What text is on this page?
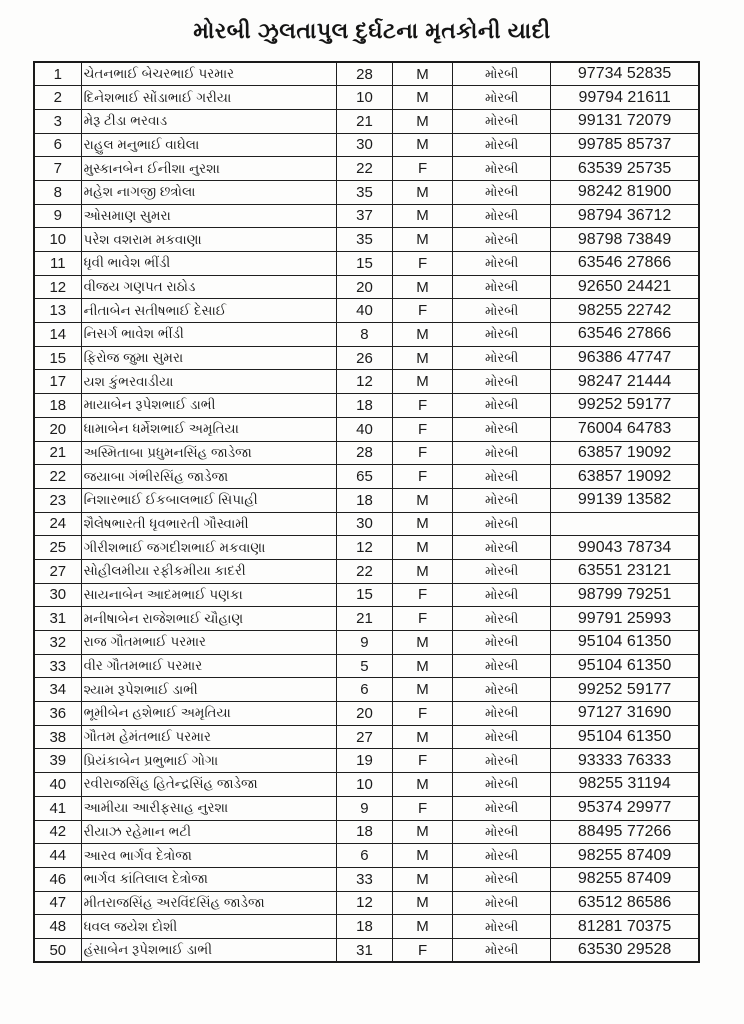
મોરબી ઝુલતાપુલ દુર્ઘટના મૃતકોની યાદી
1	ચેતનભાઈ બેચરભાઈ પરમાર	28	M	મોરબી	97734 52835
2	દિનેશભાઈ સોંડાભાઈ ગરીયા	10	M	મોરબી	99794 21611
3	મેરૂ ટીડા ભરવાડ	21	M	મોરબી	99131 72079
6	રાહુલ મનુભાઈ વાઘેલા	30	M	મોરબી	99785 85737
7	મુસ્કાનબેન ઈનીશા નુરશા	22	F	મોરબી	63539 25735
8	મહેશ નાગજી છત્રોલા	35	M	મોરબી	98242 81900
9	ઓસમાણ સુમરા	37	M	મોરબી	98794 36712
10	પરેશ વશરામ મકવાણા	35	M	મોરબી	98798 73849
11	ધૃવી ભાવેશ ભીંડી	15	F	મોરબી	63546 27866
12	વીજય ગણપત રાઠોડ	20	M	મોરબી	92650 24421
13	નીતાબેન સતીષભાઈ દેસાઈ	40	F	મોરબી	98255 22742
14	નિસર્ગ ભાવેશ ભીંડી	8	M	મોરબી	63546 27866
15	ફિરોજ જુમા સુમરા	26	M	મોરબી	96386 47747
17	યશ કુંભરવાડીયા	12	M	મોરબી	98247 21444
18	માયાબેન રૂપેશભાઈ ડાભી	18	F	મોરબી	99252 59177
20	ધામાબેન ધર્મેશભાઈ અમૃતિયા	40	F	મોરબી	76004 64783
21	અસ્મિતાબા પ્રધુમનસિંહ જાડેજા	28	F	મોરબી	63857 19092
22	જયાબા ગંભીરસિંહ જાડેજા	65	F	મોરબી	63857 19092
23	નિશારભાઈ ઈકબાલભાઈ સિપાહી	18	M	મોરબી	99139 13582
24	શૈલેષભારતી ધૃવભારતી ગૌસ્વામી	30	M	મોરબી	
25	ગીરીશભાઈ જગદીશભાઈ મકવાણા	12	M	મોરબી	99043 78734
27	સોહીલમીયા રફીકમીયા કાદરી	22	M	મોરબી	63551 23121
30	સાયનાબેન આદમભાઈ પણકા	15	F	મોરબી	98799 79251
31	મનીષાબેન રાજેશભાઈ ચૌહાણ	21	F	મોરબી	99791 25993
32	રાજ ગૌતમભાઈ પરમાર	9	M	મોરબી	95104 61350
33	વીર ગૌતમભાઈ પરમાર	5	M	મોરબી	95104 61350
34	શ્યામ રૂપેશભાઈ ડાભી	6	M	મોરબી	99252 59177
36	ભૂમીબેન હશેભાઈ અમૃતિયા	20	F	મોરબી	97127 31690
38	ગૌતમ હેમંતભાઈ પરમાર	27	M	મોરબી	95104 61350
39	પ્રિયંકાબેન પ્રભુભાઈ ગોગા	19	F	મોરબી	93333 76333
40	રવીરાજસિંહ હિતેન્દ્રસિંહ જાડેજા	10	M	મોરબી	98255 31194
41	આમીયા આરીફસાહ નુરશા	9	F	મોરબી	95374 29977
42	રીયાઝ રહેમાન ભટી	18	M	મોરબી	88495 77266
44	આરવ ભાર્ગવ દેત્રોજા	6	M	મોરબી	98255 87409
46	ભાર્ગવ કાંતિલાલ દેત્રોજા	33	M	મોરબી	98255 87409
47	મીતરાજસિંહ અરવિંદસિંહ જાડેજા	12	M	મોરબી	63512 86586
48	ધવલ જયેશ દોશી	18	M	મોરબી	81281 70375
50	હંસાબેન રૂપેશભાઈ ડાભી	31	F	મોરબી	63530 29528
